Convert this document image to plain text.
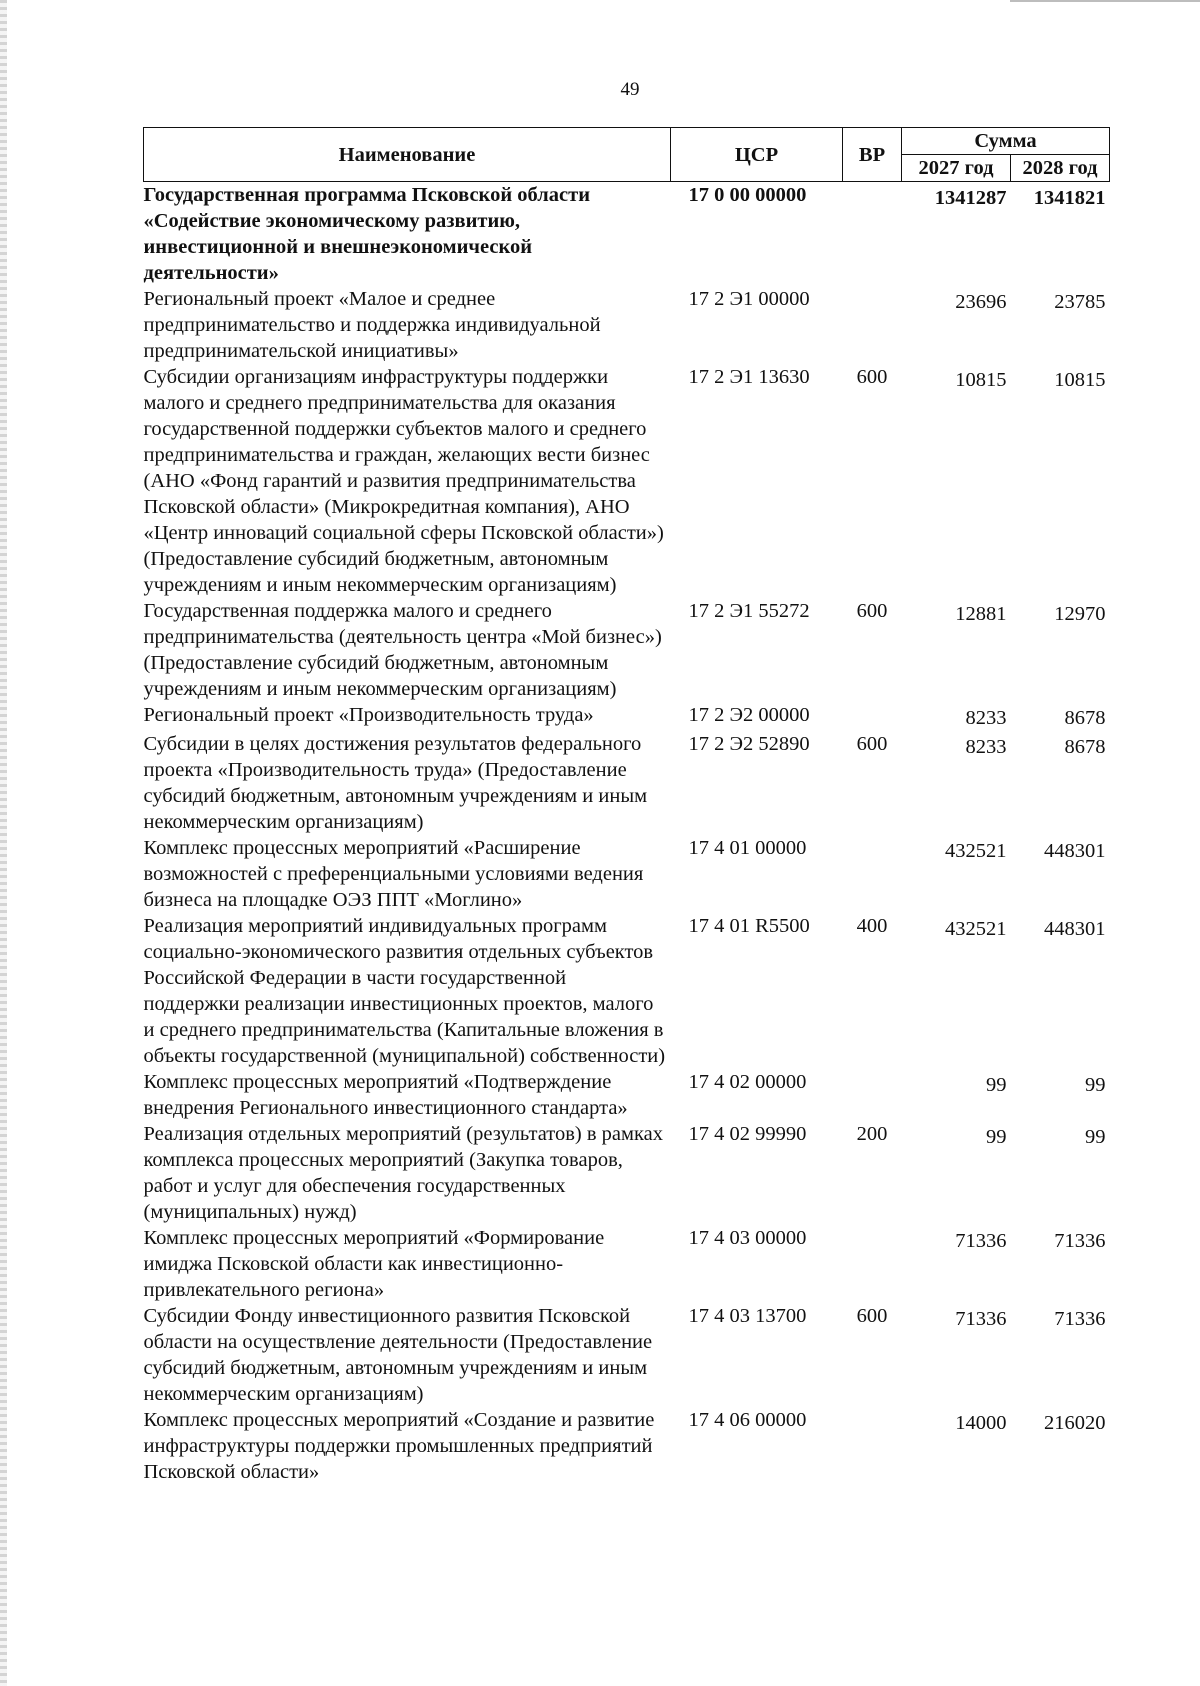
49
Наименование	ЦСР	ВР	Сумма	
			2027 год	2028 год
Государственная программа Псковской области «Содействие экономическому развитию, инвестиционной и внешнеэкономической деятельности»	17 0 00 00000		1341287	1341821
Региональный проект «Малое и среднее предпринимательство и поддержка индивидуальной предпринимательской инициативы»	17 2 Э1 00000		23696	23785
Субсидии организациям инфраструктуры поддержки малого и среднего предпринимательства для оказания государственной поддержки субъектов малого и среднего предпринимательства и граждан, желающих вести бизнес (АНО «Фонд гарантий и развития предпринимательства Псковской области» (Микрокредитная компания), АНО «Центр инноваций социальной сферы Псковской области») (Предоставление субсидий бюджетным, автономным учреждениям и иным некоммерческим организациям)	17 2 Э1 13630	600	10815	10815
Государственная поддержка малого и среднего предпринимательства (деятельность центра «Мой бизнес») (Предоставление субсидий бюджетным, автономным учреждениям и иным некоммерческим организациям)	17 2 Э1 55272	600	12881	12970
Региональный проект «Производительность труда»	17 2 Э2 00000		8233	8678
Субсидии в целях достижения результатов федерального проекта «Производительность труда» (Предоставление субсидий бюджетным, автономным учреждениям и иным некоммерческим организациям)	17 2 Э2 52890	600	8233	8678
Комплекс процессных мероприятий «Расширение возможностей с преференциальными условиями ведения бизнеса на площадке ОЭЗ ППТ «Моглино»	17 4 01 00000		432521	448301
Реализация мероприятий индивидуальных программ социально-экономического развития отдельных субъектов Российской Федерации в части государственной поддержки реализации инвестиционных проектов, малого и среднего предпринимательства (Капитальные вложения в объекты государственной (муниципальной) собственности)	17 4 01 R5500	400	432521	448301
Комплекс процессных мероприятий «Подтверждение внедрения Регионального инвестиционного стандарта»	17 4 02 00000		99	99
Реализация отдельных мероприятий (результатов) в рамках комплекса процессных мероприятий (Закупка товаров, работ и услуг для обеспечения государственных (муниципальных) нужд)	17 4 02 99990	200	99	99
Комплекс процессных мероприятий «Формирование имиджа Псковской области как инвестиционно-привлекательного региона»	17 4 03 00000		71336	71336
Субсидии Фонду инвестиционного развития Псковской области на осуществление деятельности (Предоставление субсидий бюджетным, автономным учреждениям и иным некоммерческим организациям)	17 4 03 13700	600	71336	71336
Комплекс процессных мероприятий «Создание и развитие инфраструктуры поддержки промышленных предприятий Псковской области»	17 4 06 00000		14000	216020
